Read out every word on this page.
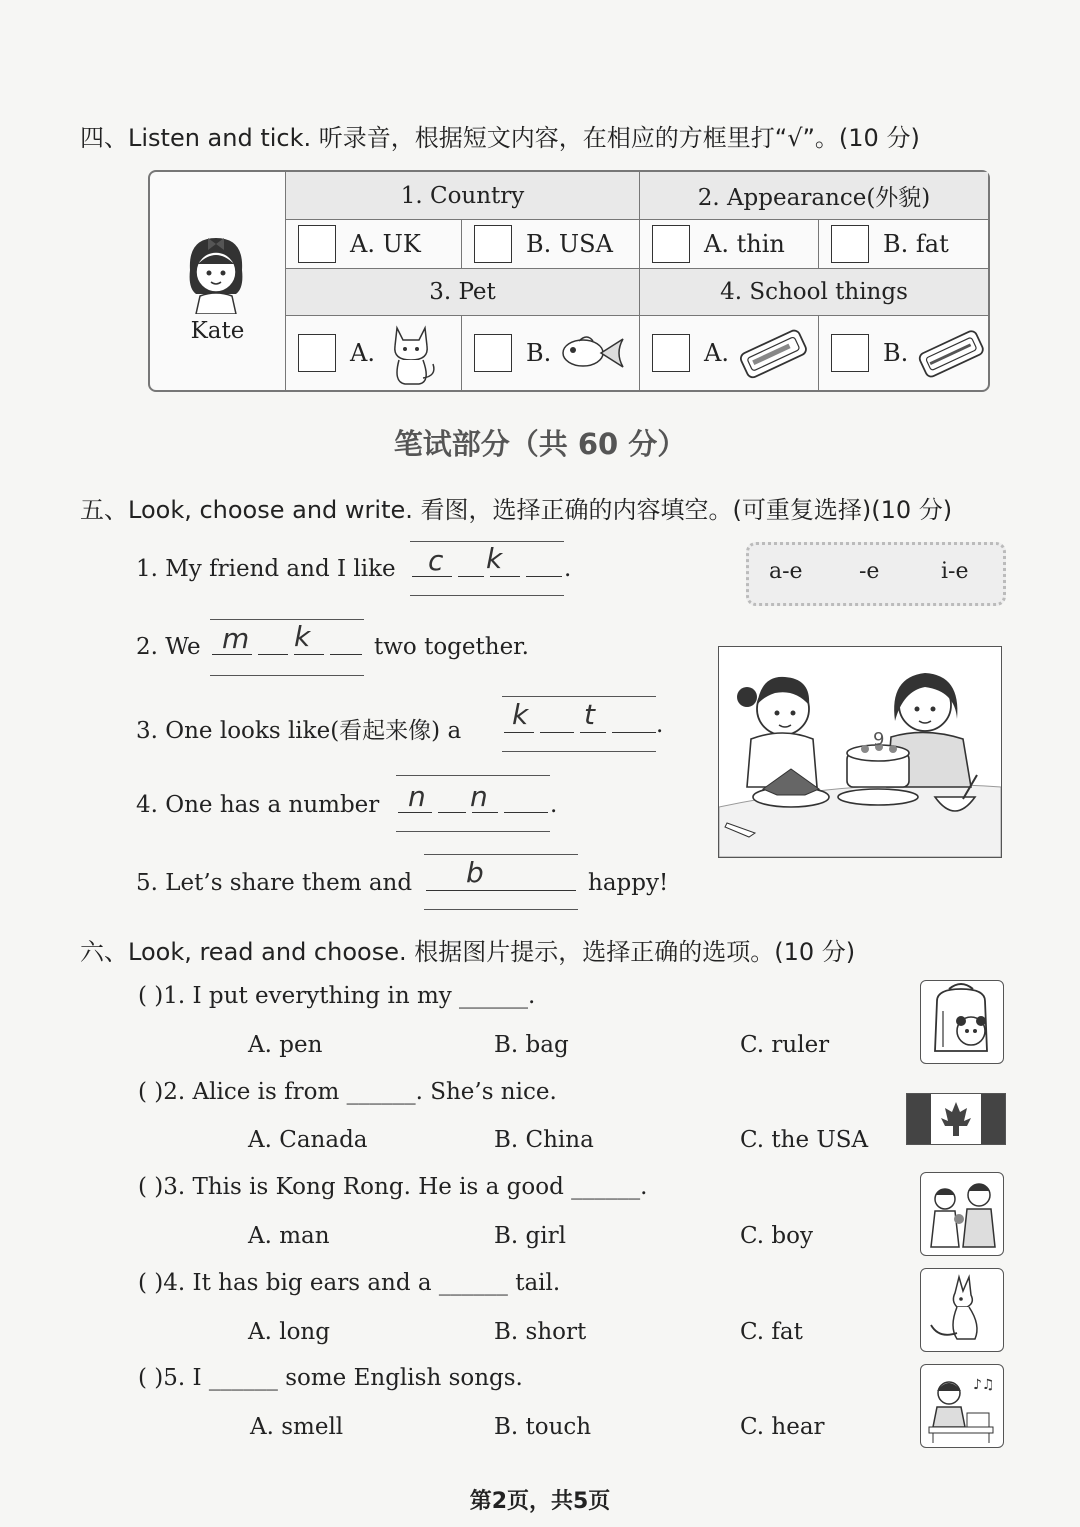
四、Listen and tick. 听录音，根据短文内容，在相应的方框里打“√”。(10 分)
Kate
1. Country	2. Appearance(外貌)
A. UK	B. USA	A. thin	B. fat
3. Pet	4. School things
A.	B.	A.	B.
笔试部分（共 60 分）
五、Look, choose and write. 看图，选择正确的内容填空。(可重复选择)(10 分)
a-e	-e	i-e
1. My friend and I like c k	.
2. We m k	two together.
3. One looks like(看起来像) a k t	.
4. One has a number n n	.
5. Let’s share them and b	happy!
9
六、Look, read and choose. 根据图片提示，选择正确的选项。(10 分)
( )1. I put everything in my ______.
A. pen	B. bag	C. ruler
( )2. Alice is from ______. She’s nice.
A. Canada	B. China	C. the USA
( )3. This is Kong Rong. He is a good ______.
A. man	B. girl	C. boy
( )4. It has big ears and a ______ tail.
A. long	B. short	C. fat
( )5. I ______ some English songs.
A. smell	B. touch	C. hear
♪♫
第2页，共5页
